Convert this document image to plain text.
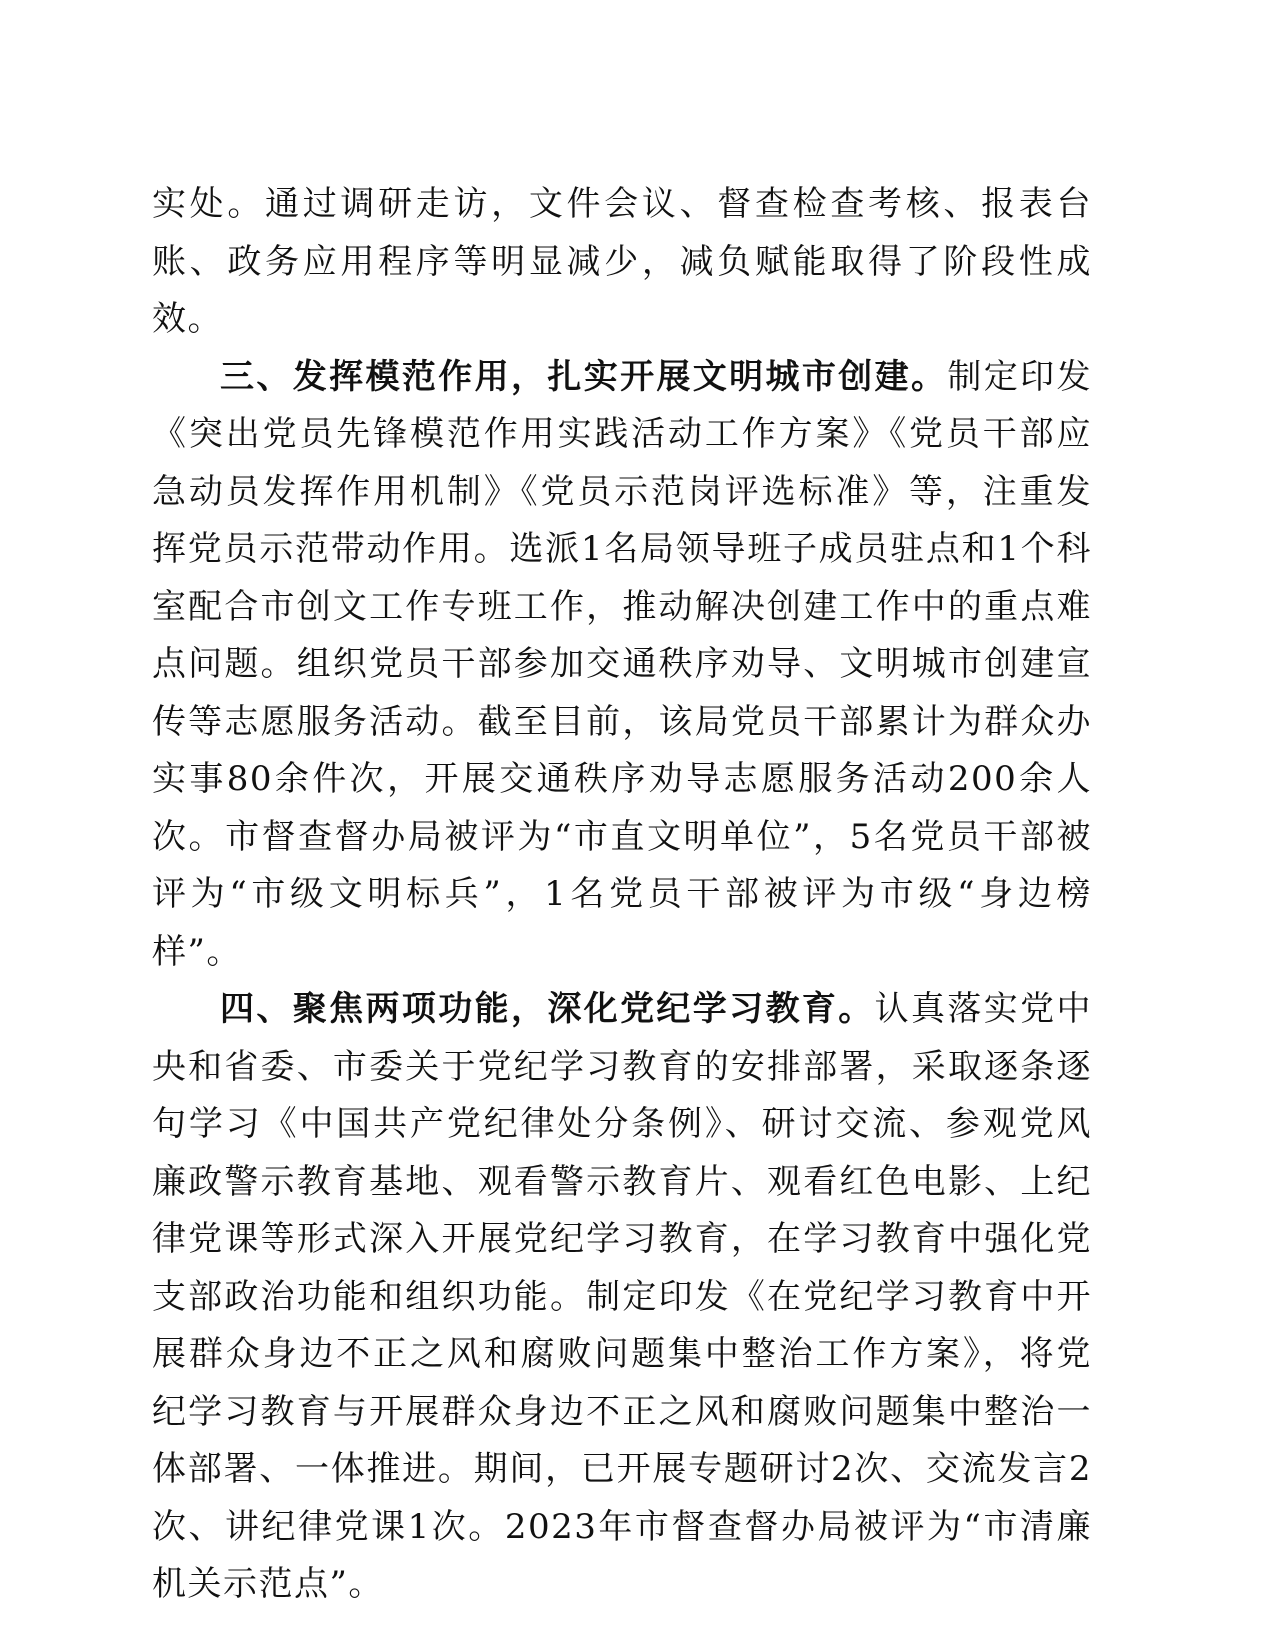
实处。通过调研走访，文件会议、督查检查考核、报表台账、政务应用程序等明显减少，减负赋能取得了阶段性成效。

三、发挥模范作用，扎实开展文明城市创建。制定印发《突出党员先锋模范作用实践活动工作方案》《党员干部应急动员发挥作用机制》《党员示范岗评选标准》等，注重发挥党员示范带动作用。选派1名局领导班子成员驻点和1个科室配合市创文工作专班工作，推动解决创建工作中的重点难点问题。组织党员干部参加交通秩序劝导、文明城市创建宣传等志愿服务活动。截至目前，该局党员干部累计为群众办实事80余件次，开展交通秩序劝导志愿服务活动200余人次。市督查督办局被评为“市直文明单位”，5名党员干部被评为“市级文明标兵”，1名党员干部被评为市级“身边榜样”。

四、聚焦两项功能，深化党纪学习教育。认真落实党中央和省委、市委关于党纪学习教育的安排部署，采取逐条逐句学习《中国共产党纪律处分条例》、研讨交流、参观党风廉政警示教育基地、观看警示教育片、观看红色电影、上纪律党课等形式深入开展党纪学习教育，在学习教育中强化党支部政治功能和组织功能。制定印发《在党纪学习教育中开展群众身边不正之风和腐败问题集中整治工作方案》，将党纪学习教育与开展群众身边不正之风和腐败问题集中整治一体部署、一体推进。期间，已开展专题研讨2次、交流发言2次、讲纪律党课1次。2023年市督查督办局被评为“市清廉机关示范点”。
